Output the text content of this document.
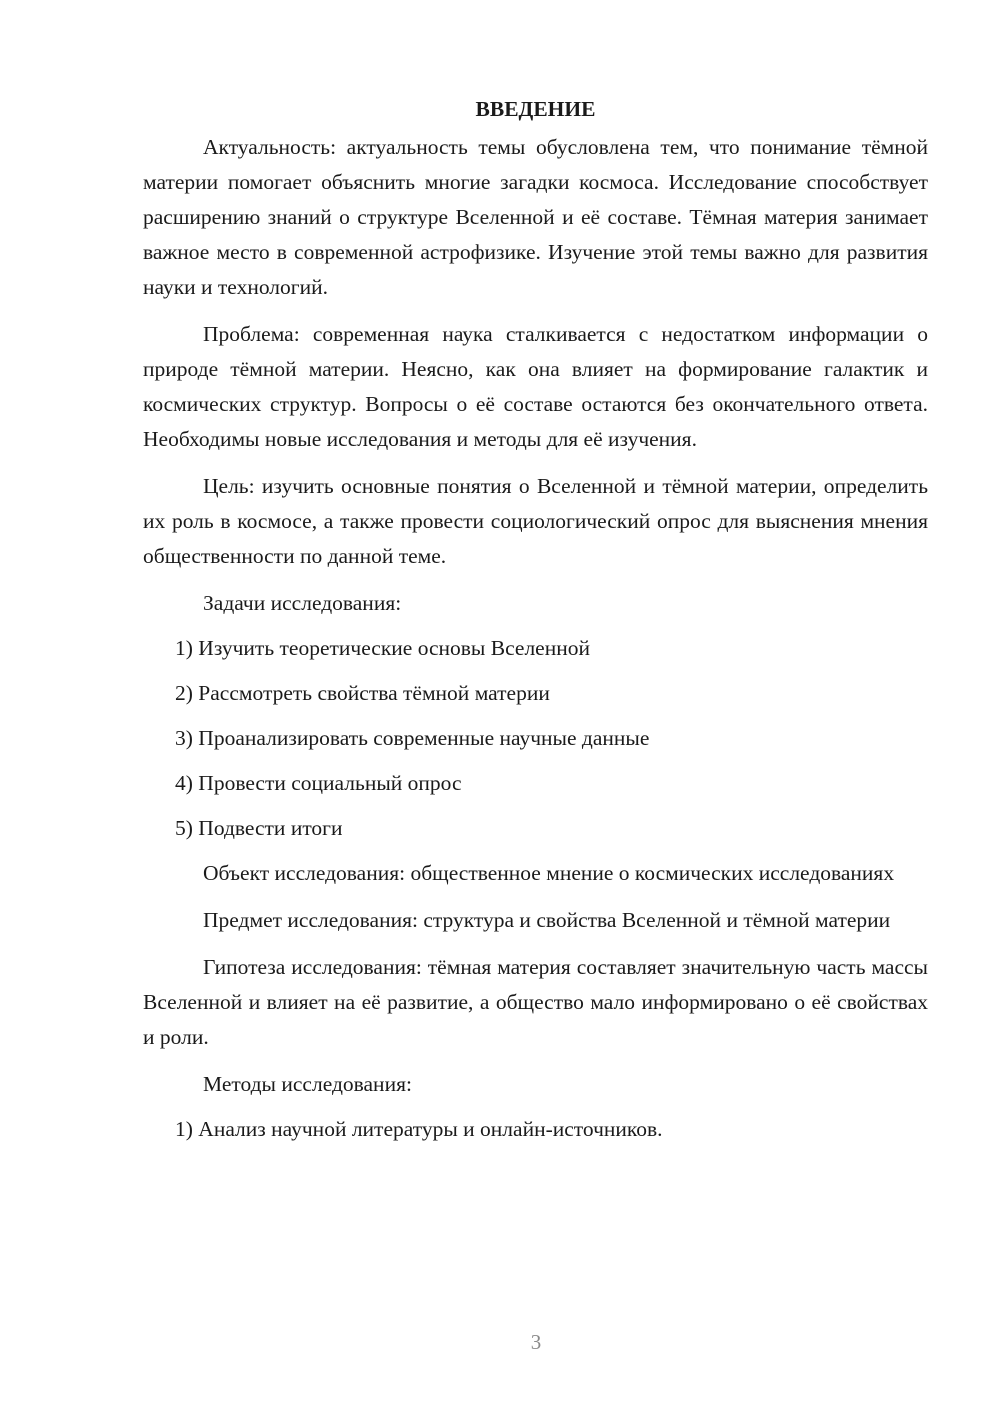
ВВЕДЕНИЕ

Актуальность: актуальность темы обусловлена тем, что понимание тёмной материи помогает объяснить многие загадки космоса. Исследование способствует расширению знаний о структуре Вселенной и её составе. Тёмная материя занимает важное место в современной астрофизике. Изучение этой темы важно для развития науки и технологий.

Проблема: современная наука сталкивается с недостатком информации о природе тёмной материи. Неясно, как она влияет на формирование галактик и космических структур. Вопросы о её составе остаются без окончательного ответа. Необходимы новые исследования и методы для её изучения.

Цель: изучить основные понятия о Вселенной и тёмной материи, определить их роль в космосе, а также провести социологический опрос для выяснения мнения общественности по данной теме.

Задачи исследования:

1) Изучить теоретические основы Вселенной
2) Рассмотреть свойства тёмной материи
3) Проанализировать современные научные данные
4) Провести социальный опрос
5) Подвести итоги

Объект исследования: общественное мнение о космических исследованиях

Предмет исследования: структура и свойства Вселенной и тёмной материи

Гипотеза исследования: тёмная материя составляет значительную часть массы Вселенной и влияет на её развитие, а общество мало информировано о её свойствах и роли.

Методы исследования:

1) Анализ научной литературы и онлайн-источников.
3
